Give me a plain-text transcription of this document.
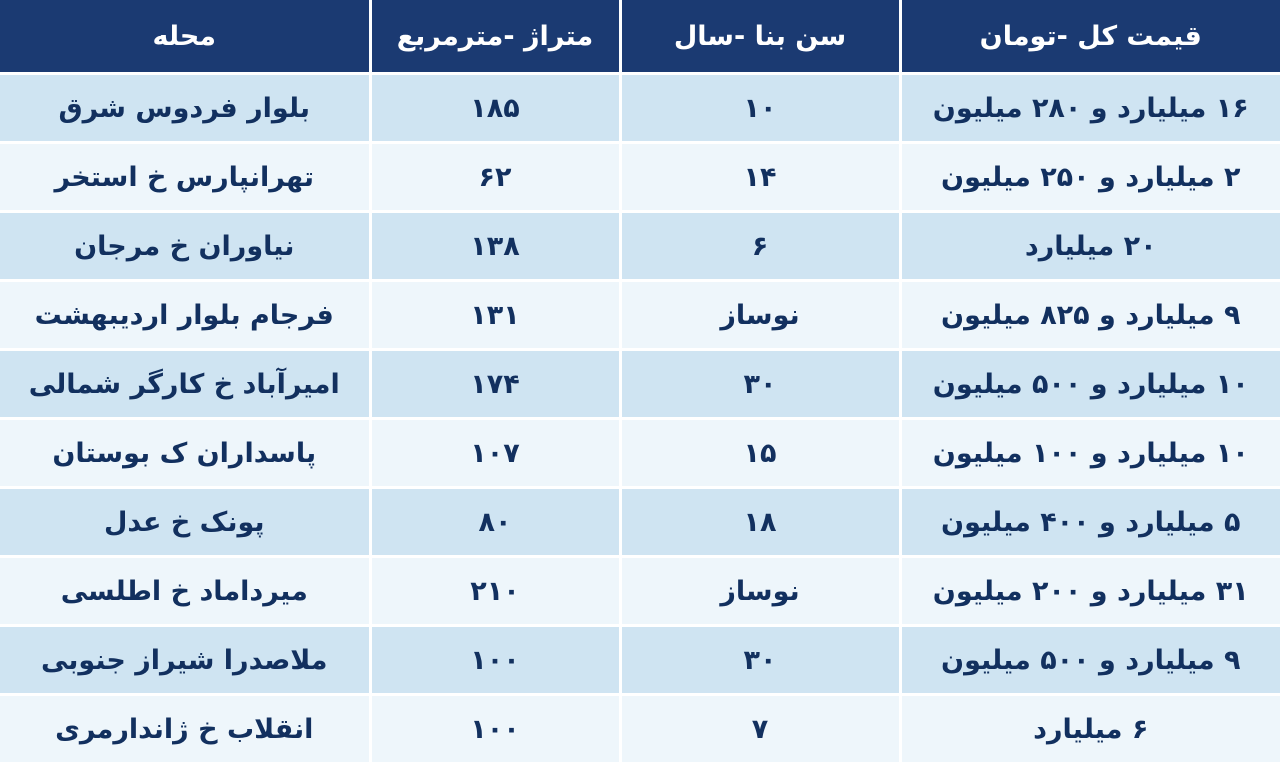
قیمت کل -تومان	سن بنا -سال	متراژ -مترمربع	محله
۱۶ میلیارد و ۲۸۰ میلیون	۱۰	۱۸۵	بلوار فردوس شرق
۲ میلیارد و ۲۵۰ میلیون	۱۴	۶۲	تهرانپارس خ استخر
۲۰ میلیارد	۶	۱۳۸	نیاوران خ مرجان
۹ میلیارد و ۸۲۵ میلیون	نوساز	۱۳۱	فرجام بلوار اردیبهشت
۱۰ میلیارد و ۵۰۰ میلیون	۳۰	۱۷۴	امیرآباد خ کارگر شمالی
۱۰ میلیارد و ۱۰۰ میلیون	۱۵	۱۰۷	پاسداران ک بوستان
۵ میلیارد و ۴۰۰ میلیون	۱۸	۸۰	پونک خ عدل
۳۱ میلیارد و ۲۰۰ میلیون	نوساز	۲۱۰	میرداماد خ اطلسی
۹ میلیارد و ۵۰۰ میلیون	۳۰	۱۰۰	ملاصدرا شیراز جنوبی
۶ میلیارد	۷	۱۰۰	انقلاب خ ژاندارمری
